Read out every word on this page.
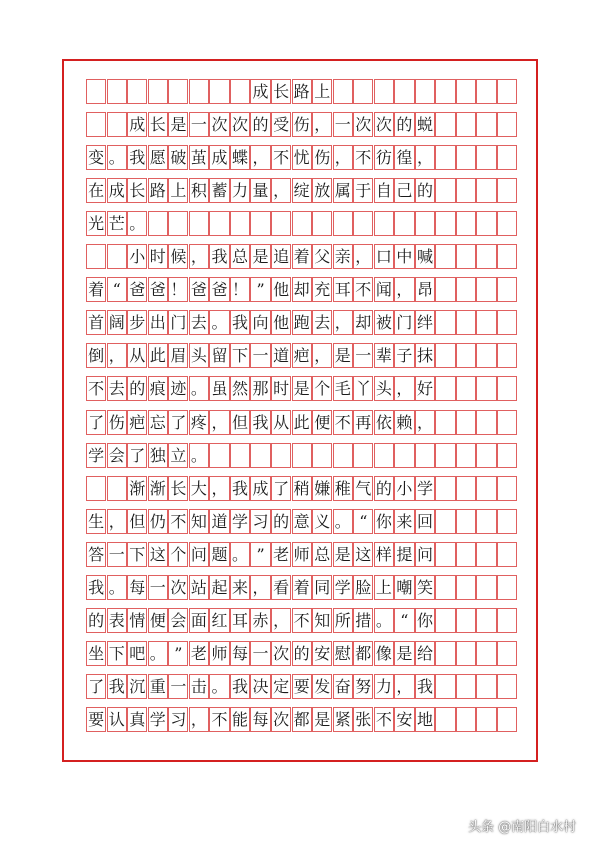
成 长 路 上
成 长 是 一 次 次 的 受 伤 ， 一 次 次 的 蜕
变 。 我 愿 破 茧 成 蝶 ， 不 忧 伤 ， 不 彷 徨 ，
在 成 长 路 上 积 蓄 力 量 ， 绽 放 属 于 自 己 的
光 芒 。
小 时 候 ， 我 总 是 追 着 父 亲 ， 口 中 喊
着 “ 爸 爸 ！ 爸 爸 ！ ” 他 却 充 耳 不 闻 ， 昂
首 阔 步 出 门 去 。 我 向 他 跑 去 ， 却 被 门 绊
倒 ， 从 此 眉 头 留 下 一 道 疤 ， 是 一 辈 子 抹
不 去 的 痕 迹 。 虽 然 那 时 是 个 毛 丫 头 ， 好
了 伤 疤 忘 了 疼 ， 但 我 从 此 便 不 再 依 赖 ，
学 会 了 独 立 。
渐 渐 长 大 ， 我 成 了 稍 嫌 稚 气 的 小 学
生 ， 但 仍 不 知 道 学 习 的 意 义 。 “ 你 来 回
答 一 下 这 个 问 题 。 ” 老 师 总 是 这 样 提 问
我 。 每 一 次 站 起 来 ， 看 着 同 学 脸 上 嘲 笑
的 表 情 便 会 面 红 耳 赤 ， 不 知 所 措 。 “ 你
坐 下 吧 。 ” 老 师 每 一 次 的 安 慰 都 像 是 给
了 我 沉 重 一 击 。 我 决 定 要 发 奋 努 力 ， 我
要 认 真 学 习 ， 不 能 每 次 都 是 紧 张 不 安 地
头条 @南阳白水村
